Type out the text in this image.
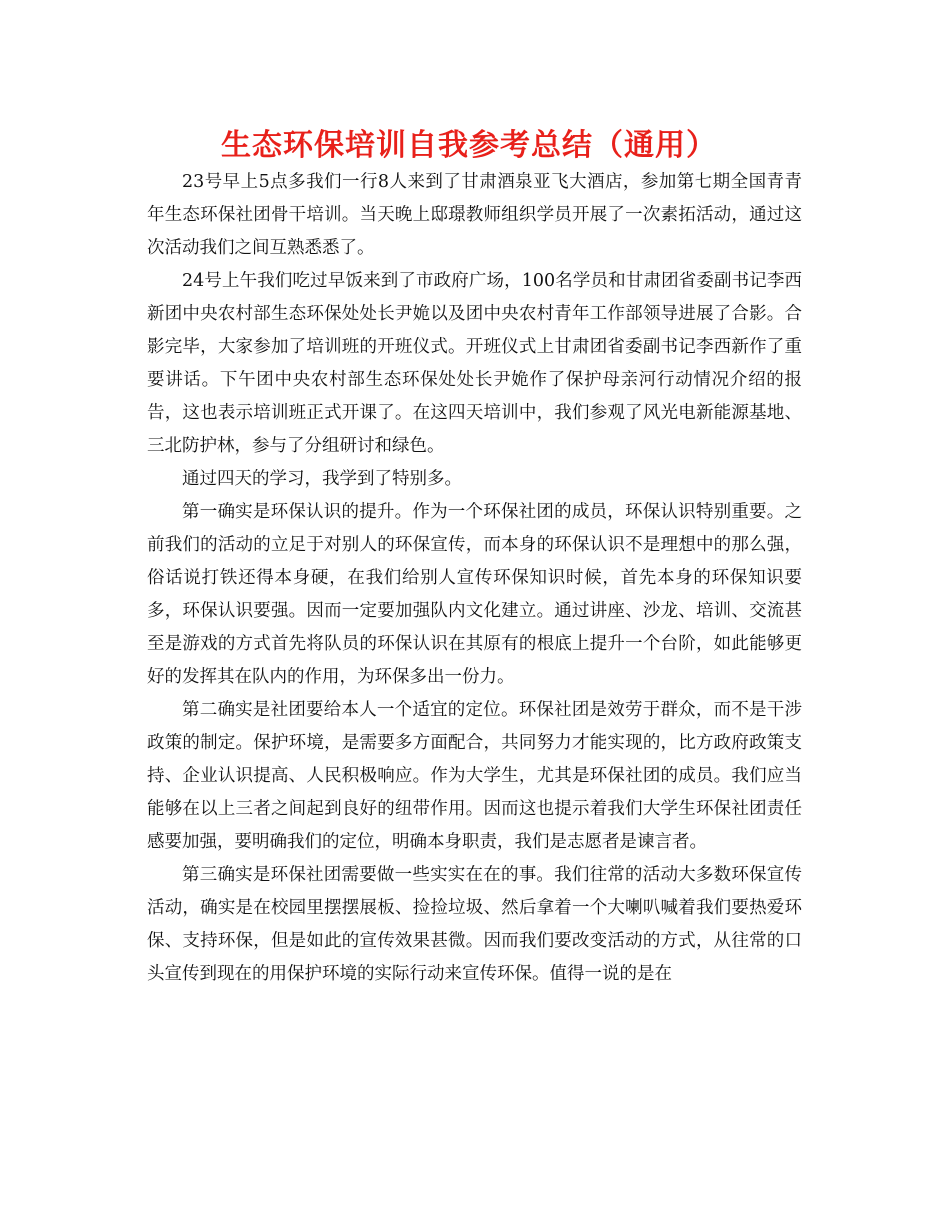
生态环保培训自我参考总结（通用）

23号早上5点多我们一行8人来到了甘肃酒泉亚飞大酒店，参加第七期全国青青年生态环保社团骨干培训。当天晚上邸璟教师组织学员开展了一次素拓活动，通过这次活动我们之间互熟悉悉了。

24号上午我们吃过早饭来到了市政府广场，100名学员和甘肃团省委副书记李西新团中央农村部生态环保处处长尹姽以及团中央农村青年工作部领导进展了合影。合影完毕，大家参加了培训班的开班仪式。开班仪式上甘肃团省委副书记李西新作了重要讲话。下午团中央农村部生态环保处处长尹姽作了保护母亲河行动情况介绍的报告，这也表示培训班正式开课了。在这四天培训中，我们参观了风光电新能源基地、三北防护林，参与了分组研讨和绿色。

通过四天的学习，我学到了特别多。

第一确实是环保认识的提升。作为一个环保社团的成员，环保认识特别重要。之前我们的活动的立足于对别人的环保宣传，而本身的环保认识不是理想中的那么强，俗话说打铁还得本身硬，在我们给别人宣传环保知识时候，首先本身的环保知识要多，环保认识要强。因而一定要加强队内文化建立。通过讲座、沙龙、培训、交流甚至是游戏的方式首先将队员的环保认识在其原有的根底上提升一个台阶，如此能够更好的发挥其在队内的作用，为环保多出一份力。

第二确实是社团要给本人一个适宜的定位。环保社团是效劳于群众，而不是干涉政策的制定。保护环境，是需要多方面配合，共同努力才能实现的，比方政府政策支持、企业认识提高、人民积极响应。作为大学生，尤其是环保社团的成员。我们应当能够在以上三者之间起到良好的纽带作用。因而这也提示着我们大学生环保社团责任感要加强，要明确我们的定位，明确本身职责，我们是志愿者是谏言者。

第三确实是环保社团需要做一些实实在在的事。我们往常的活动大多数环保宣传活动，确实是在校园里摆摆展板、捡捡垃圾、然后拿着一个大喇叭喊着我们要热爱环保、支持环保，但是如此的宣传效果甚微。因而我们要改变活动的方式，从往常的口头宣传到现在的用保护环境的实际行动来宣传环保。值得一说的是在
